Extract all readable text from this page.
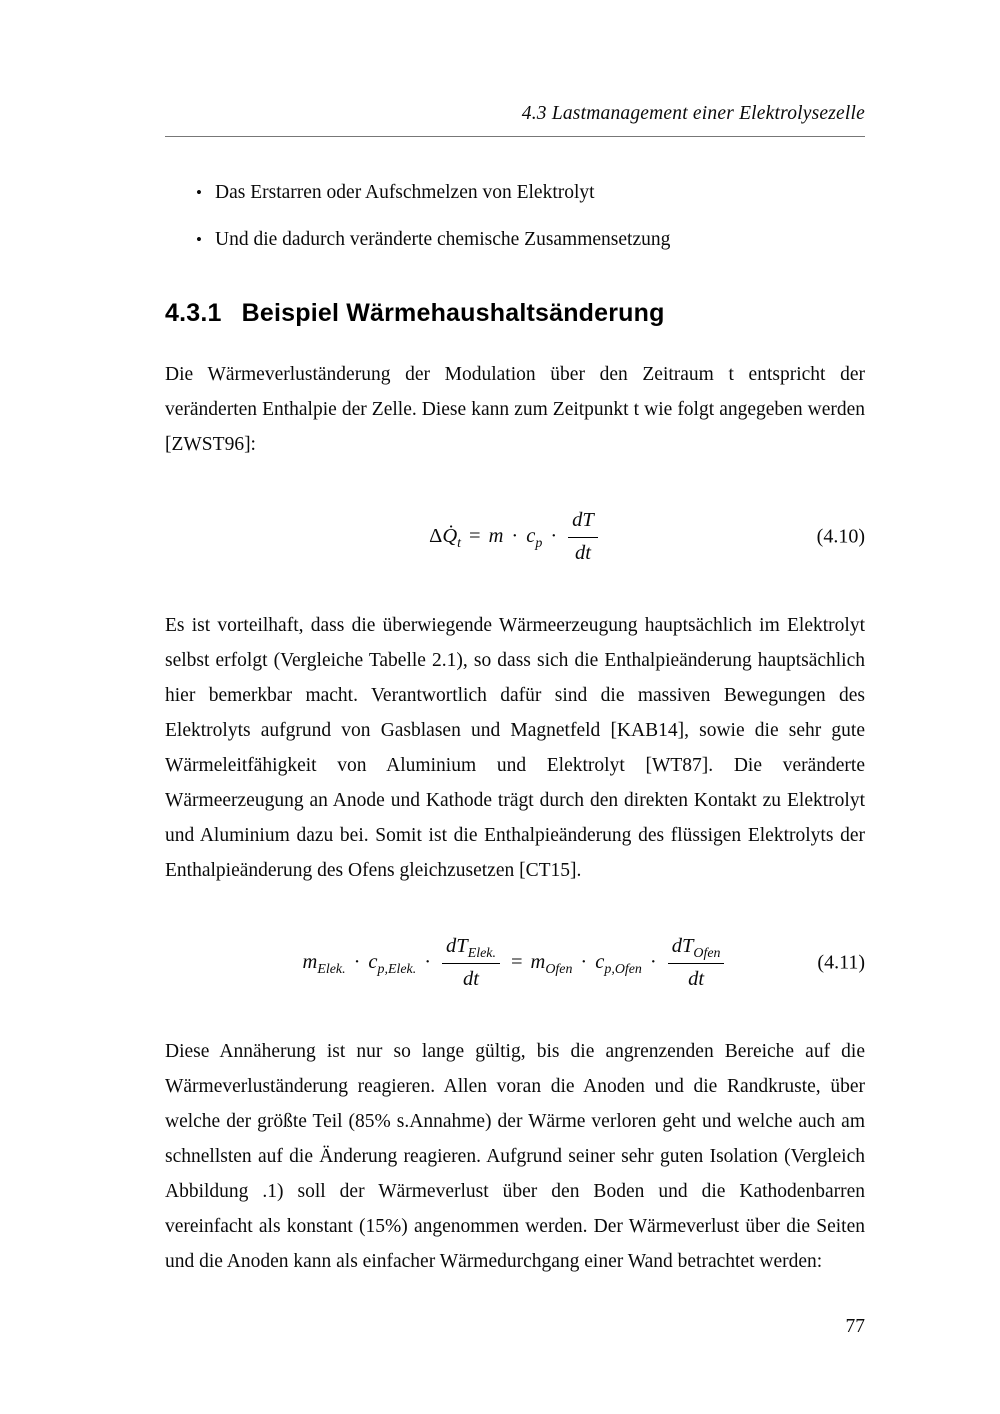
4.3 Lastmanagement einer Elektrolysezelle
• Das Erstarren oder Aufschmelzen von Elektrolyt
• Und die dadurch veränderte chemische Zusammensetzung
4.3.1 Beispiel Wärmehaushaltsänderung

Die Wärmeverluständerung der Modulation über den Zeitraum t entspricht der veränderten Enthalpie der Zelle. Diese kann zum Zeitpunkt t wie folgt angegeben werden [ZWST96]:

$\Delta Q̇_t = m \cdot c_p \cdot \frac{dT}{dt}$	(4.10)

Es ist vorteilhaft, dass die überwiegende Wärmeerzeugung hauptsächlich im Elektrolyt selbst erfolgt (Vergleiche Tabelle 2.1), so dass sich die Enthalpieänderung hauptsächlich hier bemerkbar macht. Verantwortlich dafür sind die massiven Bewegungen des Elektrolyts aufgrund von Gasblasen und Magnetfeld [KAB14], sowie die sehr gute Wärmeleitfähigkeit von Aluminium und Elektrolyt [WT87]. Die veränderte Wärmeerzeugung an Anode und Kathode trägt durch den direkten Kontakt zu Elektrolyt und Aluminium dazu bei. Somit ist die Enthalpieänderung des flüssigen Elektrolyts der Enthalpieänderung des Ofens gleichzusetzen [CT15].

$m_{Elek.} \cdot c_{p,Elek.} \cdot \frac{dT_{Elek.}}{dt} = m_{Ofen} \cdot c_{p,Ofen} \cdot \frac{dT_{Ofen}}{dt}$	(4.11)

Diese Annäherung ist nur so lange gültig, bis die angrenzenden Bereiche auf die Wärmeverluständerung reagieren. Allen voran die Anoden und die Randkruste, über welche der größte Teil (85% s.Annahme) der Wärme verloren geht und welche auch am schnellsten auf die Änderung reagieren. Aufgrund seiner sehr guten Isolation (Vergleich Abbildung .1) soll der Wärmeverlust über den Boden und die Kathodenbarren vereinfacht als konstant (15%) angenommen werden. Der Wärmeverlust über die Seiten und die Anoden kann als einfacher Wärmedurchgang einer Wand betrachtet werden:

77
